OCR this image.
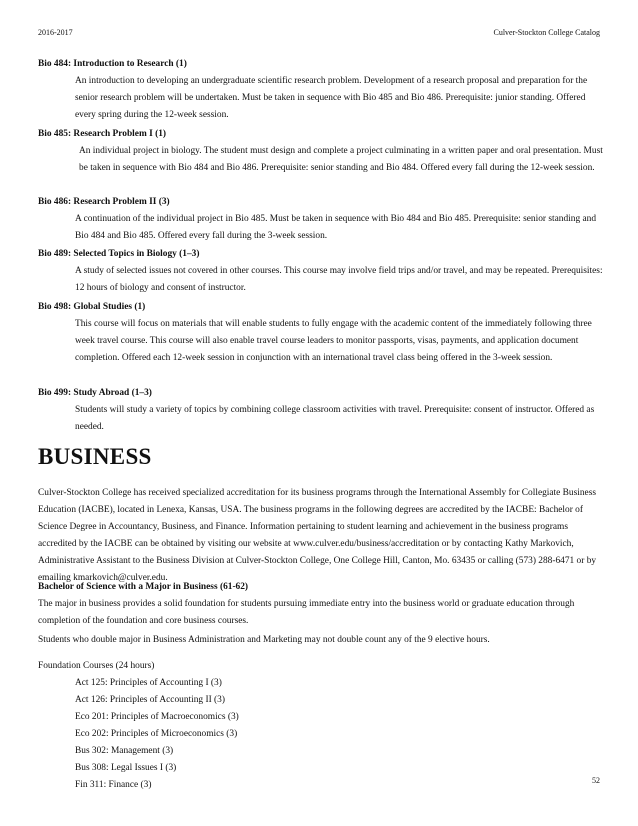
2016-2017	Culver-Stockton College Catalog
Bio 484: Introduction to Research (1)
An introduction to developing an undergraduate scientific research problem. Development of a research proposal and preparation for the senior research problem will be undertaken. Must be taken in sequence with Bio 485 and Bio 486. Prerequisite: junior standing. Offered every spring during the 12-week session.
Bio 485: Research Problem I (1)
An individual project in biology. The student must design and complete a project culminating in a written paper and oral presentation. Must be taken in sequence with Bio 484 and Bio 486. Prerequisite: senior standing and Bio 484. Offered every fall during the 12-week session.
Bio 486: Research Problem II (3)
A continuation of the individual project in Bio 485. Must be taken in sequence with Bio 484 and Bio 485. Prerequisite: senior standing and Bio 484 and Bio 485. Offered every fall during the 3-week session.
Bio 489: Selected Topics in Biology (1–3)
A study of selected issues not covered in other courses. This course may involve field trips and/or travel, and may be repeated. Prerequisites: 12 hours of biology and consent of instructor.
Bio 498: Global Studies (1)
This course will focus on materials that will enable students to fully engage with the academic content of the immediately following three week travel course. This course will also enable travel course leaders to monitor passports, visas, payments, and application document completion. Offered each 12-week session in conjunction with an international travel class being offered in the 3-week session.
Bio 499: Study Abroad (1–3)
Students will study a variety of topics by combining college classroom activities with travel. Prerequisite: consent of instructor. Offered as needed.
BUSINESS
Culver-Stockton College has received specialized accreditation for its business programs through the International Assembly for Collegiate Business Education (IACBE), located in Lenexa, Kansas, USA. The business programs in the following degrees are accredited by the IACBE: Bachelor of Science Degree in Accountancy, Business, and Finance. Information pertaining to student learning and achievement in the business programs accredited by the IACBE can be obtained by visiting our website at www.culver.edu/business/accreditation or by contacting Kathy Markovich, Administrative Assistant to the Business Division at Culver-Stockton College, One College Hill, Canton, Mo. 63435 or calling (573) 288-6471 or by emailing kmarkovich@culver.edu.
Bachelor of Science with a Major in Business (61-62)
The major in business provides a solid foundation for students pursuing immediate entry into the business world or graduate education through completion of the foundation and core business courses.
Students who double major in Business Administration and Marketing may not double count any of the 9 elective hours.
Foundation Courses (24 hours)
Act 125: Principles of Accounting I (3)
Act 126: Principles of Accounting II (3)
Eco 201: Principles of Macroeconomics (3)
Eco 202: Principles of Microeconomics (3)
Bus 302: Management (3)
Bus 308: Legal Issues I (3)
Fin 311: Finance (3)	52
